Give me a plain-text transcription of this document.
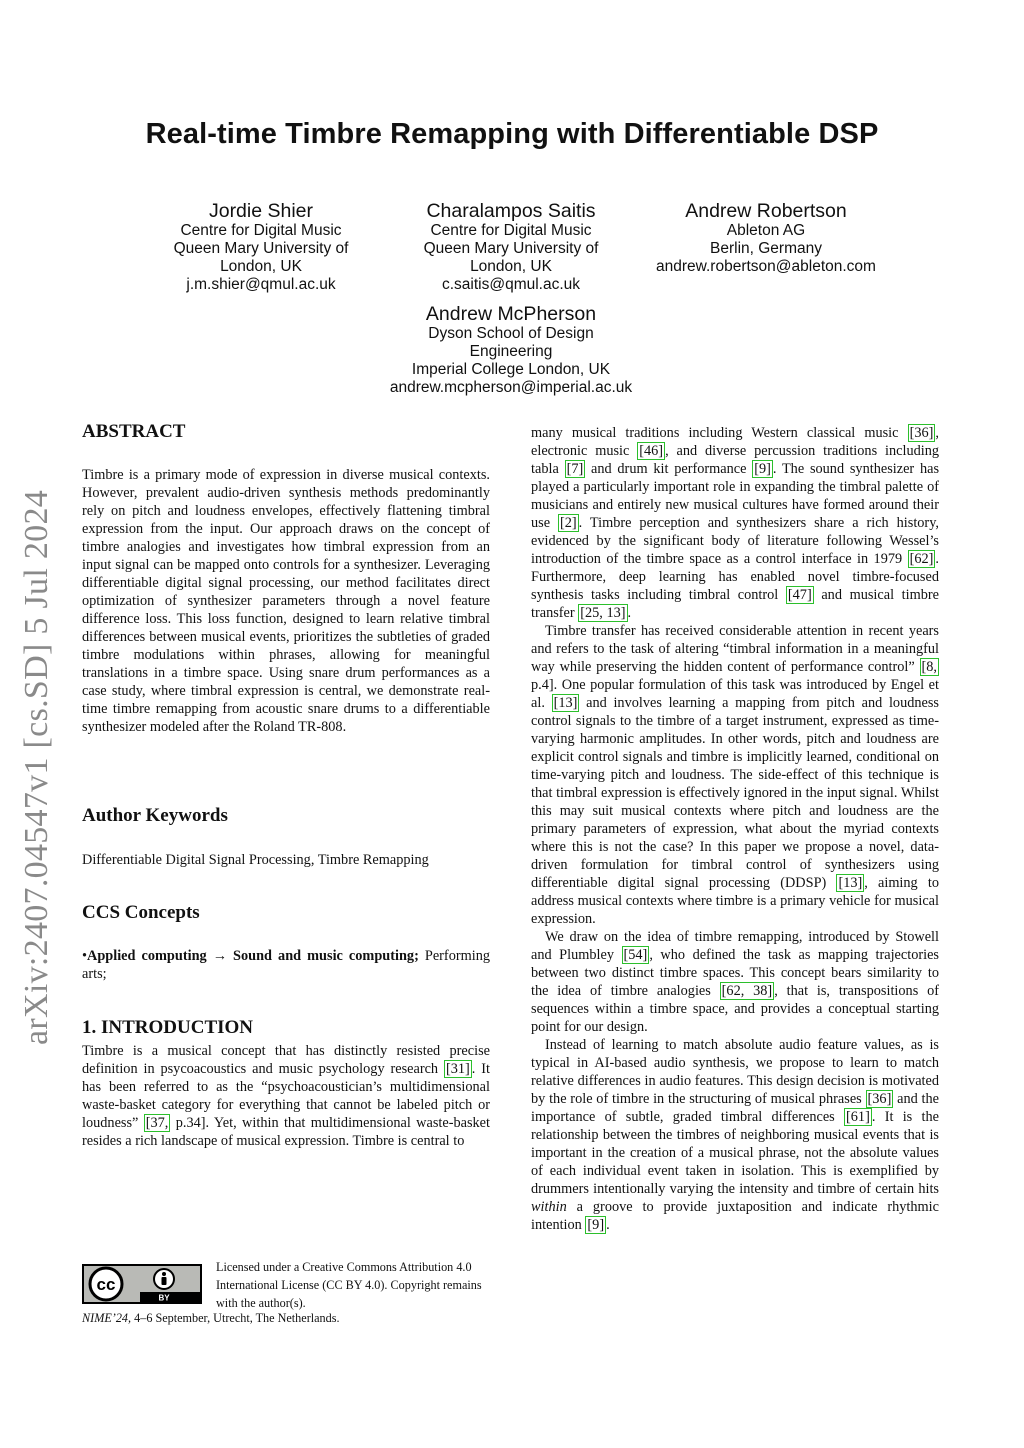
Real-time Timbre Remapping with Differentiable DSP
Jordie Shier
Centre for Digital Music
Queen Mary University of
London, UK
j.m.shier@qmul.ac.uk
Charalampos Saitis
Centre for Digital Music
Queen Mary University of
London, UK
c.saitis@qmul.ac.uk
Andrew Robertson
Ableton AG
Berlin, Germany
andrew.robertson@ableton.com
Andrew McPherson
Dyson School of Design
Engineering
Imperial College London, UK
andrew.mcpherson@imperial.ac.uk
arXiv:2407.04547v1 [cs.SD] 5 Jul 2024
ABSTRACT

Timbre is a primary mode of expression in diverse musical contexts. However, prevalent audio-driven synthesis methods predominantly rely on pitch and loudness envelopes, effectively flattening timbral expression from the input. Our approach draws on the concept of timbre analogies and investigates how timbral expression from an input signal can be mapped onto controls for a synthesizer. Leveraging differentiable digital signal processing, our method facilitates direct optimization of synthesizer parameters through a novel feature difference loss. This loss function, designed to learn relative timbral differences between musical events, prioritizes the subtleties of graded timbre modulations within phrases, allowing for meaningful translations in a timbre space. Using snare drum performances as a case study, where timbral expression is central, we demonstrate real-time timbre remapping from acoustic snare drums to a differentiable synthesizer modeled after the Roland TR-808.

Author Keywords

Differentiable Digital Signal Processing, Timbre Remapping

CCS Concepts

•Applied computing → Sound and music computing; Performing arts;

1. INTRODUCTION

Timbre is a musical concept that has distinctly resisted precise definition in psycoacoustics and music psychology research [31] . It has been referred to as the “psychoacoustician’s multidimensional waste-basket category for everything that cannot be labeled pitch or loudness” [37, p.34]. Yet, within that multidimensional waste-basket resides a rich landscape of musical expression. Timbre is central to

many musical traditions including Western classical music [36] , electronic music [46] , and diverse percussion traditions including tabla [7] and drum kit performance [9] . The sound synthesizer has played a particularly important role in expanding the timbral palette of musicians and entirely new musical cultures have formed around their use [2] . Timbre perception and synthesizers share a rich history, evidenced by the significant body of literature following Wessel’s introduction of the timbre space as a control interface in 1979 [62] . Furthermore, deep learning has enabled novel timbre-focused synthesis tasks including timbral control [47] and musical timbre transfer [25, 13] .

Timbre transfer has received considerable attention in recent years and refers to the task of altering “timbral information in a meaningful way while preserving the hidden content of performance control” [8, p.4]. One popular formulation of this task was introduced by Engel et al. [13] and involves learning a mapping from pitch and loudness control signals to the timbre of a target instrument, expressed as time-varying harmonic amplitudes. In other words, pitch and loudness are explicit control signals and timbre is implicitly learned, conditional on time-varying pitch and loudness. The side-effect of this technique is that timbral expression is effectively ignored in the input signal. Whilst this may suit musical contexts where pitch and loudness are the primary parameters of expression, what about the myriad contexts where this is not the case? In this paper we propose a novel, data-driven formulation for timbral control of synthesizers using differentiable digital signal processing (DDSP) [13] , aiming to address musical contexts where timbre is a primary vehicle for musical expression.

We draw on the idea of timbre remapping, introduced by Stowell and Plumbley [54] , who defined the task as mapping trajectories between two distinct timbre spaces. This concept bears similarity to the idea of timbre analogies [62, 38] , that is, transpositions of sequences within a timbre space, and provides a conceptual starting point for our design.

Instead of learning to match absolute audio feature values, as is typical in AI-based audio synthesis, we propose to learn to match relative differences in audio features. This design decision is motivated by the role of timbre in the structuring of musical phrases [36] and the importance of subtle, graded timbral differences [61] . It is the relationship between the timbres of neighboring musical events that is important in the creation of a musical phrase, not the absolute values of each individual event taken in isolation. This is exemplified by drummers intentionally varying the intensity and timbre of certain hits within a groove to provide juxtaposition and indicate rhythmic intention [9] .

cc
BY
Licensed under a Creative Commons Attribution 4.0 International License (CC BY 4.0). Copyright remains with the author(s).
NIME’24, 4–6 September, Utrecht, The Netherlands.
